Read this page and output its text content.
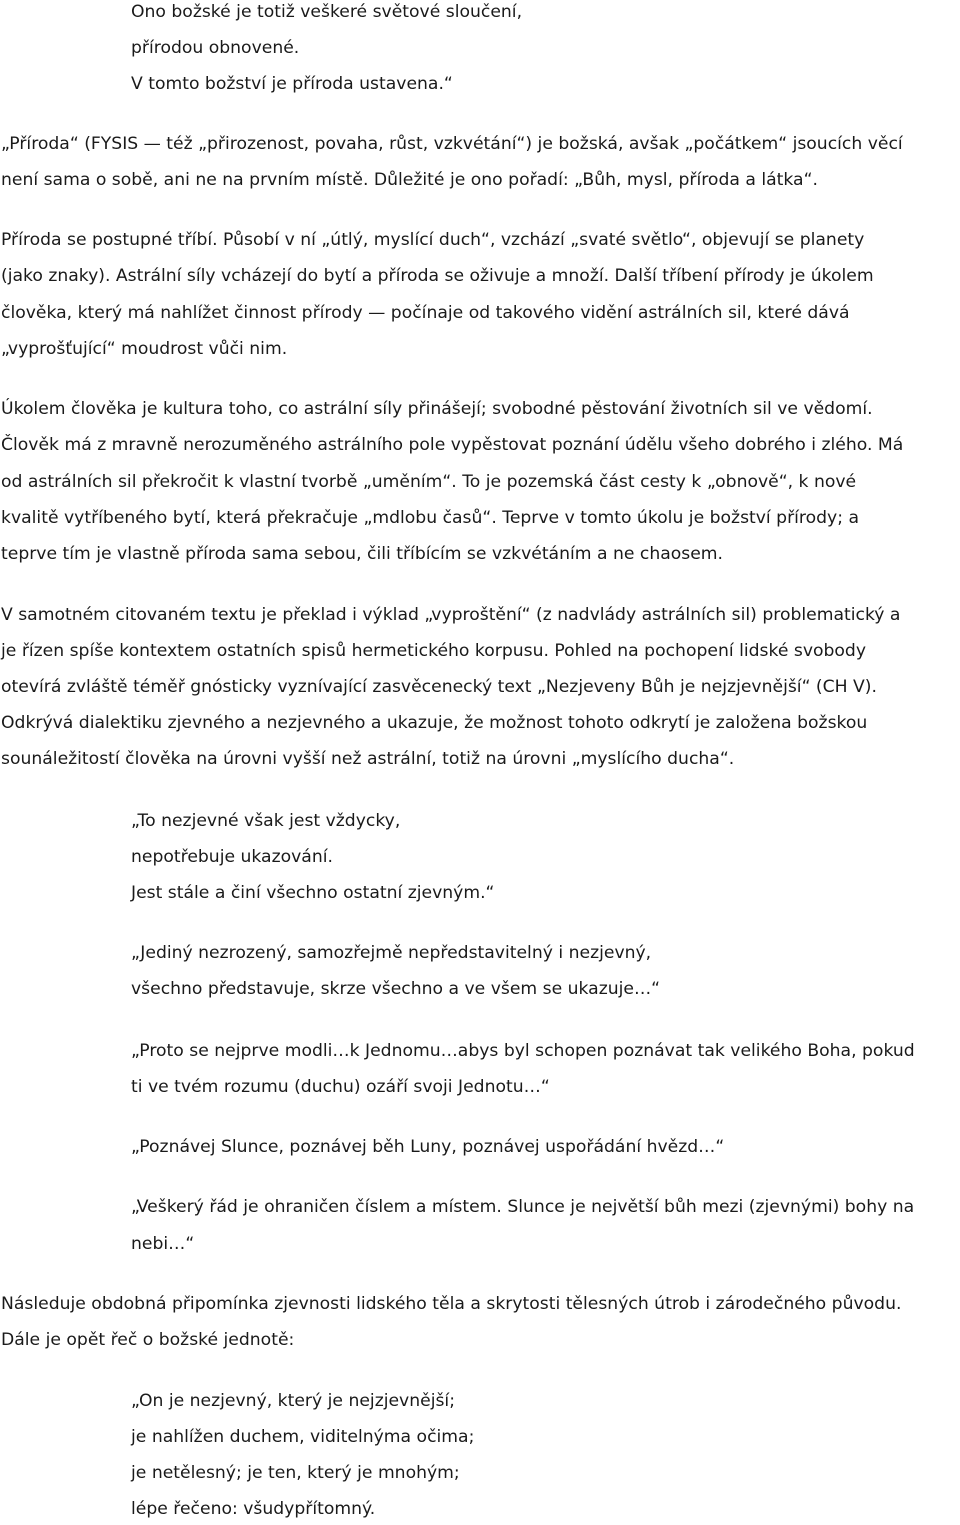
Ono božské je totiž veškeré světové sloučení,
přírodou obnovené.
V tomto božství je příroda ustavena.“
„Příroda“ (FYSIS — též „přirozenost, povaha, růst, vzkvétání“) je božská, avšak „počátkem“ jsoucích věcí
není sama o sobě, ani ne na prvním místě. Důležité je ono pořadí: „Bůh, mysl, příroda a látka“.
Příroda se postupné tříbí. Působí v ní „útlý, myslící duch“, vzchází „svaté světlo“, objevují se planety
(jako znaky). Astrální síly vcházejí do bytí a příroda se oživuje a množí. Další tříbení přírody je úkolem
člověka, který má nahlížet činnost přírody — počínaje od takového vidění astrálních sil, které dává
„vyprošťující“ moudrost vůči nim.
Úkolem člověka je kultura toho, co astrální síly přinášejí; svobodné pěstování životních sil ve vědomí.
Člověk má z mravně nerozuměného astrálního pole vypěstovat poznání údělu všeho dobrého i zlého. Má
od astrálních sil překročit k vlastní tvorbě „uměním“. To je pozemská část cesty k „obnově“, k nové
kvalitě vytříbeného bytí, která překračuje „mdlobu časů“. Teprve v tomto úkolu je božství přírody; a
teprve tím je vlastně příroda sama sebou, čili tříbícím se vzkvétáním a ne chaosem.
V samotném citovaném textu je překlad i výklad „vyproštění“ (z nadvlády astrálních sil) problematický a
je řízen spíše kontextem ostatních spisů hermetického korpusu. Pohled na pochopení lidské svobody
otevírá zvláště téměř gnósticky vyznívající zasvěcenecký text „Nezjeveny Bůh je nejzjevnější“ (CH V).
Odkrývá dialektiku zjevného a nezjevného a ukazuje, že možnost tohoto odkrytí je založena božskou
sounáležitostí člověka na úrovni vyšší než astrální, totiž na úrovni „myslícího ducha“.
„To nezjevné však jest vždycky,
nepotřebuje ukazování.
Jest stále a činí všechno ostatní zjevným.“
„Jediný nezrozený, samozřejmě nepředstavitelný i nezjevný,
všechno představuje, skrze všechno a ve všem se ukazuje…“
„Proto se nejprve modli…k Jednomu…abys byl schopen poznávat tak velikého Boha, pokud
ti ve tvém rozumu (duchu) ozáří svoji Jednotu…“
„Poznávej Slunce, poznávej běh Luny, poznávej uspořádání hvězd…“
„Veškerý řád je ohraničen číslem a místem. Slunce je největší bůh mezi (zjevnými) bohy na
nebi…“
Následuje obdobná připomínka zjevnosti lidského těla a skrytosti tělesných útrob i zárodečného původu.
Dále je opět řeč o božské jednotě:
„On je nezjevný, který je nejzjevnější;
je nahlížen duchem, viditelnýma očima;
je netělesný; je ten, který je mnohým;
lépe řečeno: všudypřítomný.
